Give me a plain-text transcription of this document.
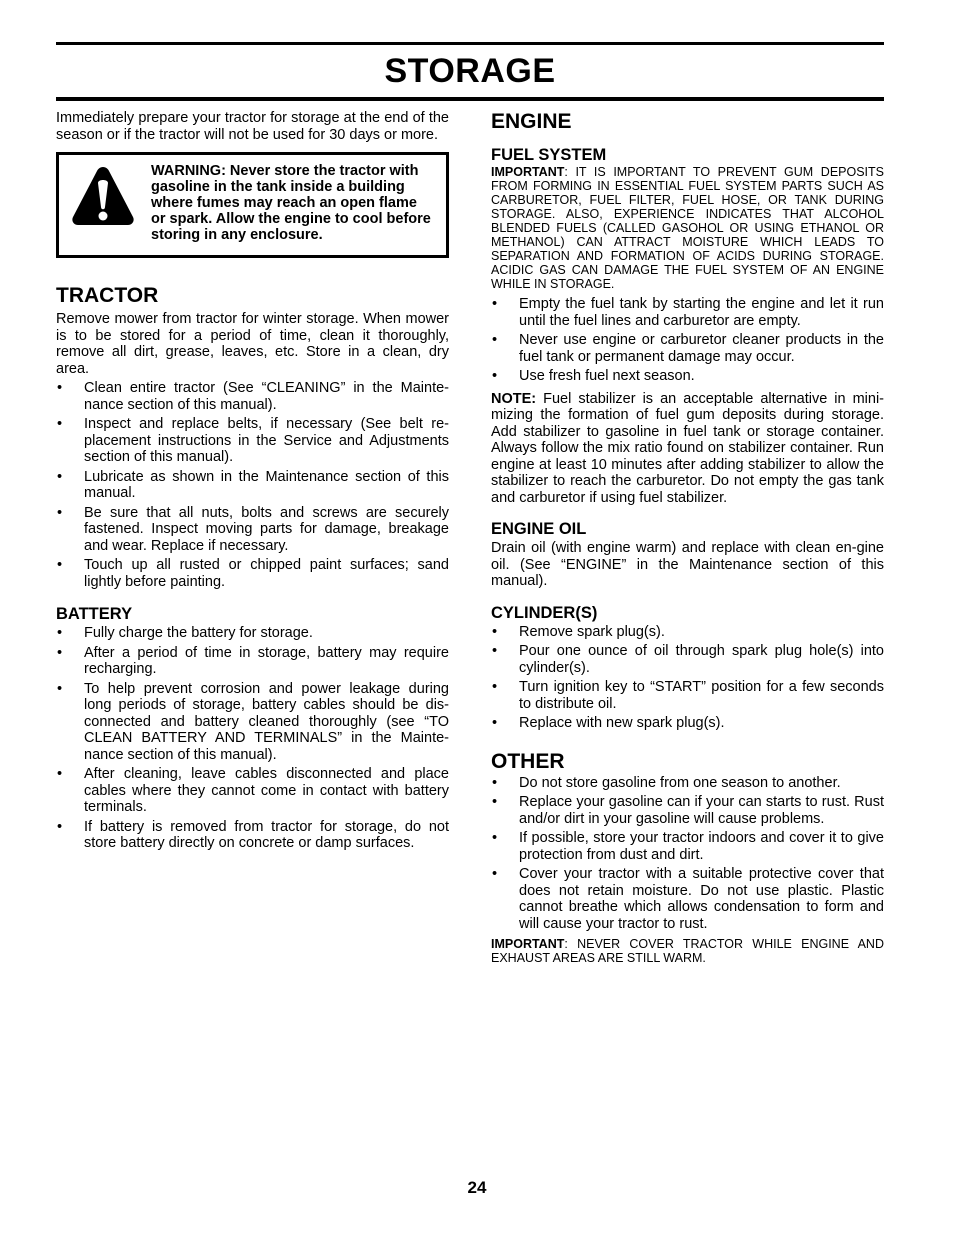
STORAGE

Immediately prepare your tractor for storage at the end of the season or if the tractor will not be used for 30 days or more.

WARNING: Never store the tractor with gasoline in the tank inside a building where fumes may reach an open flame or spark. Allow the engine to cool before storing in any enclosure.
TRACTOR

Remove mower from tractor for winter storage. When mower is to be stored for a period of time, clean it thoroughly, remove all dirt, grease, leaves, etc. Store in a clean, dry area.

• Clean entire tractor (See “CLEANING” in the Mainte-nance section of this manual).
• Inspect and replace belts, if necessary (See belt re-placement instructions in the Service and Adjustments section of this manual).
• Lubricate as shown in the Maintenance section of this manual.
• Be sure that all nuts, bolts and screws are securely fastened. Inspect moving parts for damage, breakage and wear. Replace if necessary.
• Touch up all rusted or chipped paint surfaces; sand lightly before painting.
BATTERY
• Fully charge the battery for storage.
• After a period of time in storage, battery may require recharging.
• To help prevent corrosion and power leakage during long periods of storage, battery cables should be dis-connected and battery cleaned thoroughly (see “TO CLEAN BATTERY AND TERMINALS” in the Mainte-nance section of this manual).
• After cleaning, leave cables disconnected and place cables where they cannot come in contact with battery terminals.
• If battery is removed from tractor for storage, do not store battery directly on concrete or damp surfaces.
ENGINE
FUEL SYSTEM

IMPORTANT: IT IS IMPORTANT TO PREVENT GUM DEPOSITS FROM FORMING IN ESSENTIAL FUEL SYSTEM PARTS SUCH AS CARBURETOR, FUEL FILTER, FUEL HOSE, OR TANK DURING STORAGE. ALSO, EXPERIENCE INDICATES THAT ALCOHOL BLENDED FUELS (CALLED GASOHOL OR USING ETHANOL OR METHANOL) CAN ATTRACT MOISTURE WHICH LEADS TO SEPARATION AND FORMATION OF ACIDS DURING STORAGE. ACIDIC GAS CAN DAMAGE THE FUEL SYSTEM OF AN ENGINE WHILE IN STORAGE.

• Empty the fuel tank by starting the engine and let it run until the fuel lines and carburetor are empty.
• Never use engine or carburetor cleaner products in the fuel tank or permanent damage may occur.
• Use fresh fuel next season.

NOTE: Fuel stabilizer is an acceptable alternative in mini-mizing the formation of fuel gum deposits during storage. Add stabilizer to gasoline in fuel tank or storage container. Always follow the mix ratio found on stabilizer container. Run engine at least 10 minutes after adding stabilizer to allow the stabilizer to reach the carburetor. Do not empty the gas tank and carburetor if using fuel stabilizer.

ENGINE OIL

Drain oil (with engine warm) and replace with clean en-gine oil. (See “ENGINE” in the Maintenance section of this manual).

CYLINDER(S)
• Remove spark plug(s).
• Pour one ounce of oil through spark plug hole(s) into cylinder(s).
• Turn ignition key to “START” position for a few seconds to distribute oil.
• Replace with new spark plug(s).
OTHER
• Do not store gasoline from one season to another.
• Replace your gasoline can if your can starts to rust. Rust and/or dirt in your gasoline will cause problems.
• If possible, store your tractor indoors and cover it to give protection from dust and dirt.
• Cover your tractor with a suitable protective cover that does not retain moisture. Do not use plastic. Plastic cannot breathe which allows condensation to form and will cause your tractor to rust.

IMPORTANT: NEVER COVER TRACTOR WHILE ENGINE AND EXHAUST AREAS ARE STILL WARM.

24
